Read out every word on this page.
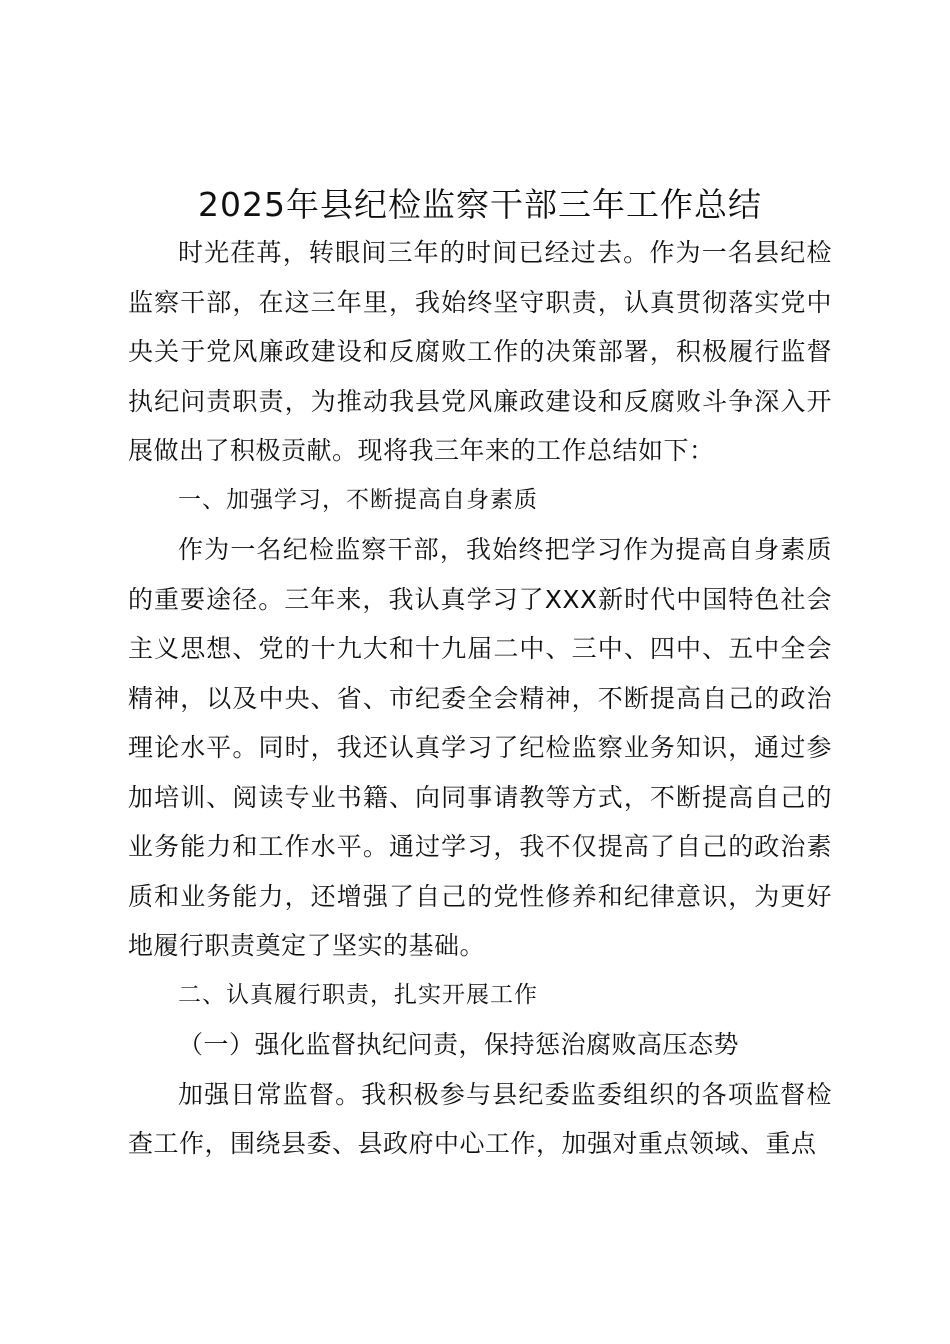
2025年县纪检监察干部三年工作总结

时光荏苒，转眼间三年的时间已经过去。作为一名县纪检监察干部，在这三年里，我始终坚守职责，认真贯彻落实党中央关于党风廉政建设和反腐败工作的决策部署，积极履行监督执纪问责职责，为推动我县党风廉政建设和反腐败斗争深入开展做出了积极贡献。现将我三年来的工作总结如下：

一、加强学习，不断提高自身素质

作为一名纪检监察干部，我始终把学习作为提高自身素质的重要途径。三年来，我认真学习了XXX新时代中国特色社会主义思想、党的十九大和十九届二中、三中、四中、五中全会精神，以及中央、省、市纪委全会精神，不断提高自己的政治理论水平。同时，我还认真学习了纪检监察业务知识，通过参加培训、阅读专业书籍、向同事请教等方式，不断提高自己的业务能力和工作水平。通过学习，我不仅提高了自己的政治素质和业务能力，还增强了自己的党性修养和纪律意识，为更好地履行职责奠定了坚实的基础。

二、认真履行职责，扎实开展工作

（一）强化监督执纪问责，保持惩治腐败高压态势

加强日常监督。我积极参与县纪委监委组织的各项监督检查工作，围绕县委、县政府中心工作，加强对重点领域、重点
